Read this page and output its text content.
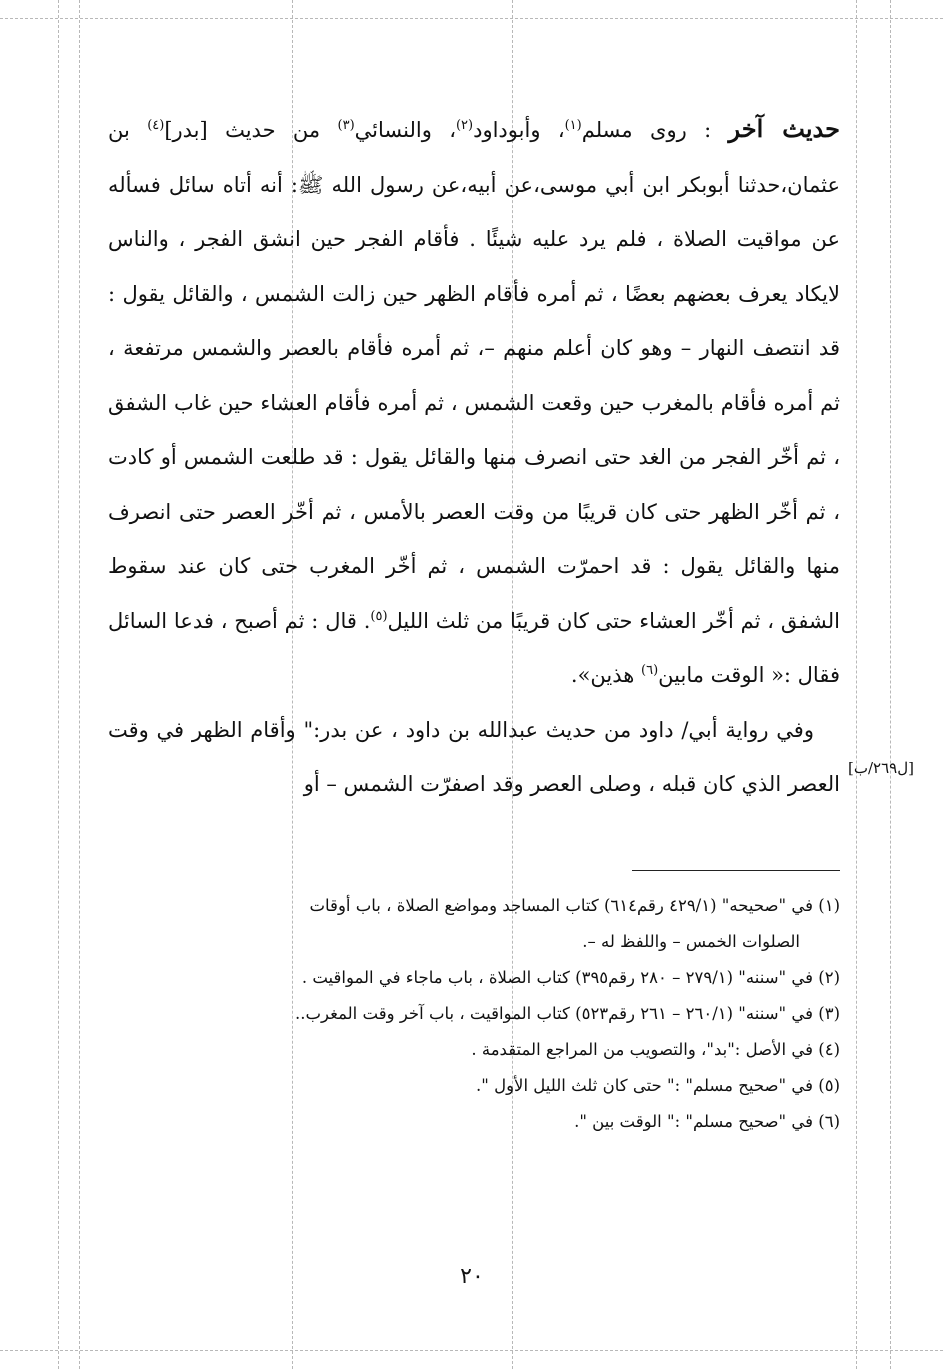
حديث آخر : روى مسلم$^{(١)}$، وأبوداود$^{(٢)}$، والنسائي$^{(٣)}$ من حديث [بدر]$^{(٤)}$ بن عثمان،حدثنا أبوبكر ابن أبي موسى،عن أبيه،عن رسول الله ﷺ: أنه أتاه سائل فسأله عن مواقيت الصلاة ، فلم يرد عليه شيئًا . فأقام الفجر حين انشق الفجر ، والناس لايكاد يعرف بعضهم بعضًا ، ثم أمره فأقام الظهر حين زالت الشمس ، والقائل يقول : قد انتصف النهار – وهو كان أعلم منهم –، ثم أمره فأقام بالعصر والشمس مرتفعة ، ثم أمره فأقام بالمغرب حين وقعت الشمس ، ثم أمره فأقام العشاء حين غاب الشفق ، ثم أخّر الفجر من الغد حتى انصرف منها والقائل يقول : قد طلعت الشمس أو كادت ، ثم أخّر الظهر حتى كان قريبًا من وقت العصر بالأمس ، ثم أخّر العصر حتى انصرف منها والقائل يقول : قد احمرّت الشمس ، ثم أخّر المغرب حتى كان عند سقوط الشفق ، ثم أخّر العشاء حتى كان قريبًا من ثلث الليل$^{(٥)}$. قال : ثم أصبح ، فدعا السائل فقال :« الوقت مابين$^{(٦)}$ هذين».

وفي رواية أبي/ داود من حديث عبدالله بن داود ، عن بدر:" وأقام الظهر في وقت العصر الذي كان قبله ، وصلى العصر وقد اصفرّت الشمس – أو

[ل٢٦٩/ب]

(١) في "صحيحه" (٤٢٩/١ رقم٦١٤) كتاب المساجد ومواضع الصلاة ، باب أوقات

الصلوات الخمس – واللفظ له –.

(٢) في "سننه" (٢٧٩/١ – ٢٨٠ رقم٣٩٥) كتاب الصلاة ، باب ماجاء في المواقيت .

(٣) في "سننه" (٢٦٠/١ – ٢٦١ رقم٥٢٣) كتاب المواقيت ، باب آخر وقت المغرب..

(٤) في الأصل :"بد"، والتصويب من المراجع المتقدمة .

(٥) في "صحيح مسلم" :" حتى كان ثلث الليل الأول ".

(٦) في "صحيح مسلم" :" الوقت بين ".

٢٠
